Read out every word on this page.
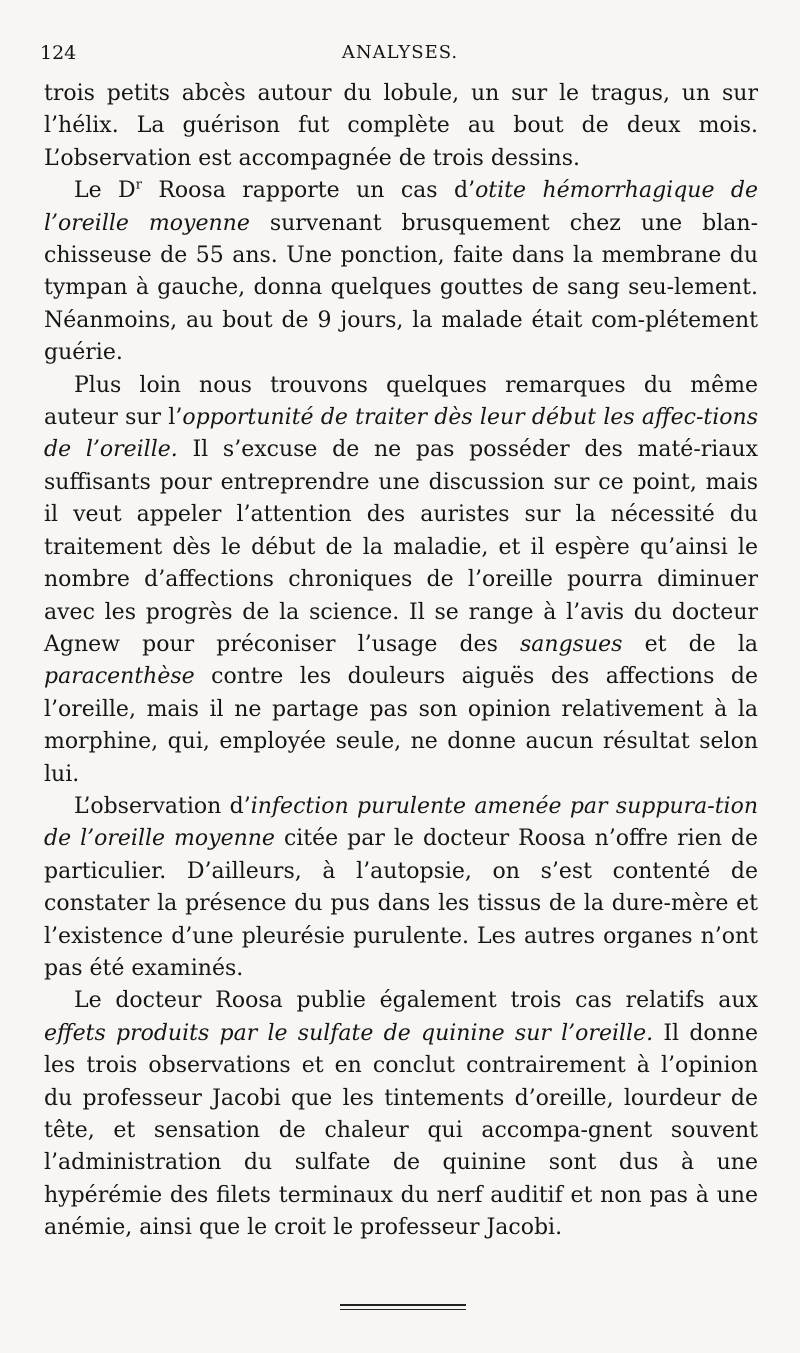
124	ANALYSES.

trois petits abcès autour du lobule, un sur le tragus, un sur l’hélix. La guérison fut complète au bout de deux mois. L’observation est accompagnée de trois dessins.

Le $D^r$ Roosa rapporte un cas d’otite hémorrhagique de l’oreille moyenne survenant brusquement chez une blan-chisseuse de 55 ans. Une ponction, faite dans la membrane du tympan à gauche, donna quelques gouttes de sang seu-lement. Néanmoins, au bout de 9 jours, la malade était com-plétement guérie.

Plus loin nous trouvons quelques remarques du même auteur sur l’opportunité de traiter dès leur début les affec-tions de l’oreille. Il s’excuse de ne pas posséder des maté-riaux suffisants pour entreprendre une discussion sur ce point, mais il veut appeler l’attention des auristes sur la nécessité du traitement dès le début de la maladie, et il espère qu’ainsi le nombre d’affections chroniques de l’oreille pourra diminuer avec les progrès de la science. Il se range à l’avis du docteur Agnew pour préconiser l’usage des sangsues et de la paracenthèse contre les douleurs aiguës des affections de l’oreille, mais il ne partage pas son opinion relativement à la morphine, qui, employée seule, ne donne aucun résultat selon lui.

L’observation d’infection purulente amenée par suppura-tion de l’oreille moyenne citée par le docteur Roosa n’offre rien de particulier. D’ailleurs, à l’autopsie, on s’est contenté de constater la présence du pus dans les tissus de la dure-mère et l’existence d’une pleurésie purulente. Les autres organes n’ont pas été examinés.

Le docteur Roosa publie également trois cas relatifs aux effets produits par le sulfate de quinine sur l’oreille. Il donne les trois observations et en conclut contrairement à l’opinion du professeur Jacobi que les tintements d’oreille, lourdeur de tête, et sensation de chaleur qui accompa-gnent souvent l’administration du sulfate de quinine sont dus à une hypérémie des filets terminaux du nerf auditif et non pas à une anémie, ainsi que le croit le professeur Jacobi.
